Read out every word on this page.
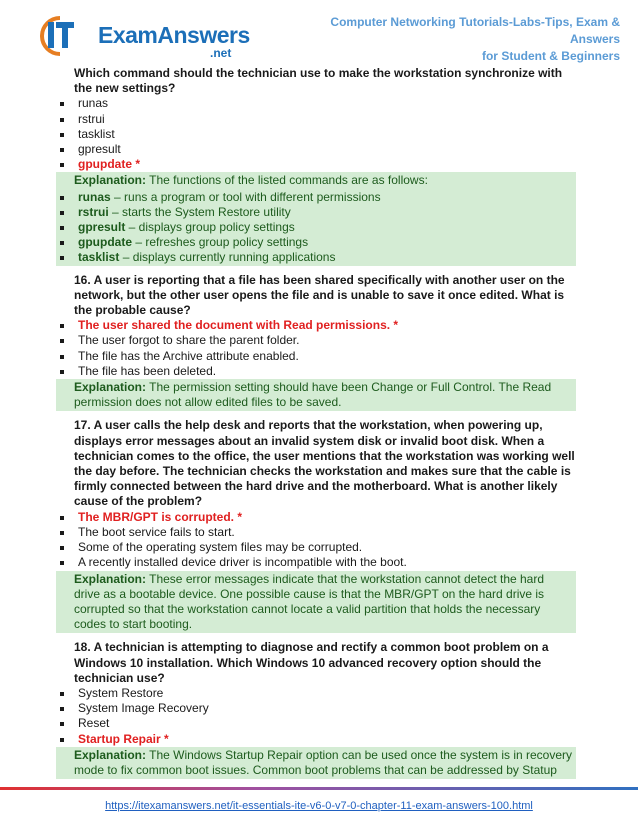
ExamAnswers
.net
Computer Networking Tutorials-Labs-Tips, Exam & Answers
for Student & Beginners

Which command should the technician use to make the workstation synchronize with the new settings?

runas
rstrui
tasklist
gpresult
gpupdate *
Explanation: The functions of the listed commands are as follows:
runas – runs a program or tool with different permissions
rstrui – starts the System Restore utility
gpresult – displays group policy settings
gpupdate – refreshes group policy settings
tasklist – displays currently running applications

16. A user is reporting that a file has been shared specifically with another user on the network, but the other user opens the file and is unable to save it once edited. What is the probable cause?

The user shared the document with Read permissions. *
The user forgot to share the parent folder.
The file has the Archive attribute enabled.
The file has been deleted.
Explanation: The permission setting should have been Change or Full Control. The Read permission does not allow edited files to be saved.

17. A user calls the help desk and reports that the workstation, when powering up, displays error messages about an invalid system disk or invalid boot disk. When a technician comes to the office, the user mentions that the workstation was working well the day before. The technician checks the workstation and makes sure that the cable is firmly connected between the hard drive and the motherboard. What is another likely cause of the problem?

The MBR/GPT is corrupted. *
The boot service fails to start.
Some of the operating system files may be corrupted.
A recently installed device driver is incompatible with the boot.
Explanation: These error messages indicate that the workstation cannot detect the hard drive as a bootable device. One possible cause is that the MBR/GPT on the hard drive is corrupted so that the workstation cannot locate a valid partition that holds the necessary codes to start booting.

18. A technician is attempting to diagnose and rectify a common boot problem on a Windows 10 installation. Which Windows 10 advanced recovery option should the technician use?

System Restore
System Image Recovery
Reset
Startup Repair *
Explanation: The Windows Startup Repair option can be used once the system is in recovery mode to fix common boot issues. Common boot problems that can be addressed by Statup
https://itexamanswers.net/it-essentials-ite-v6-0-v7-0-chapter-11-exam-answers-100.html
